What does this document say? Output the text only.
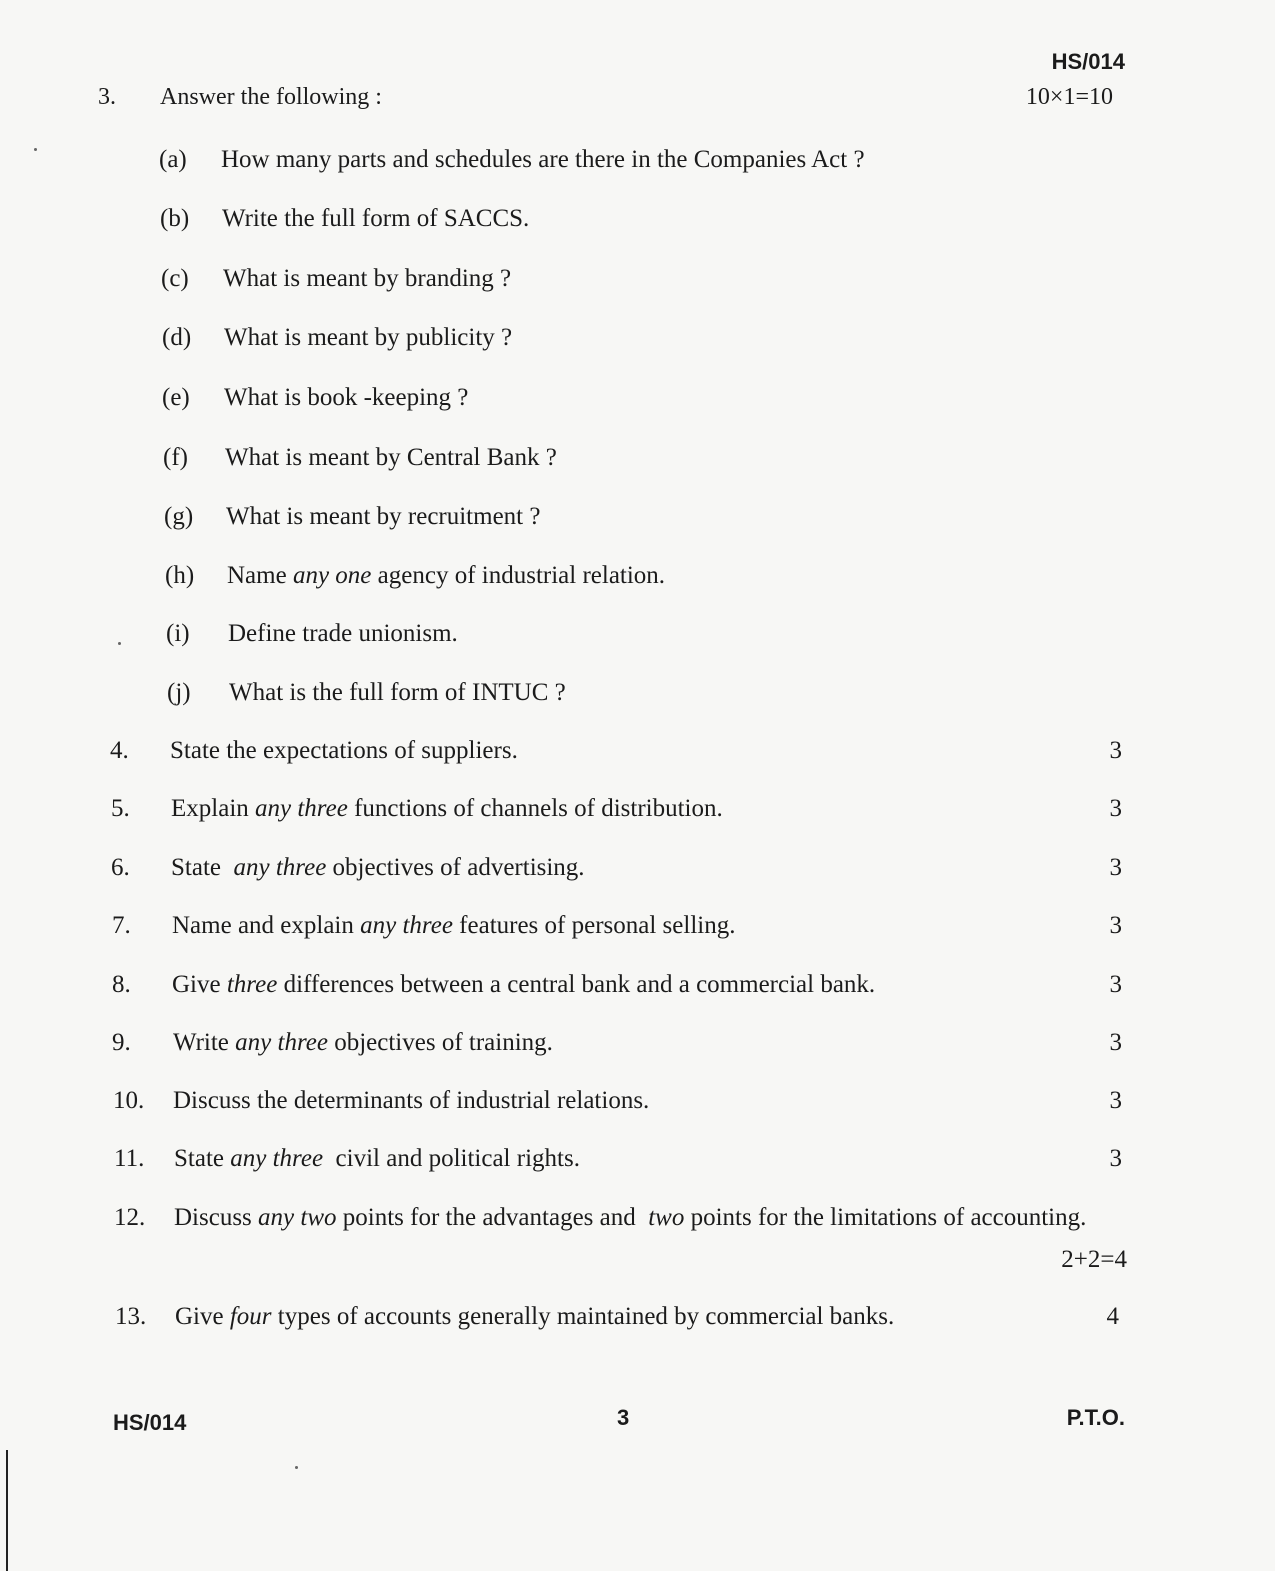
HS/014
3. Answer the following :	10×1=10
(a) How many parts and schedules are there in the Companies Act ?
(b) Write the full form of SACCS.
(c) What is meant by branding ?
(d) What is meant by publicity ?
(e) What is book -keeping ?
(f) What is meant by Central Bank ?
(g) What is meant by recruitment ?
(h) Name any one agency of industrial relation.
(i) Define trade unionism.
(j) What is the full form of INTUC ?
4. State the expectations of suppliers.	3
5. Explain any three functions of channels of distribution.	3
6. State  any three objectives of advertising.	3
7. Name and explain any three features of personal selling.	3
8. Give three differences between a central bank and a commercial bank.	3
9. Write any three objectives of training.	3
10. Discuss the determinants of industrial relations.	3
11. State any three  civil and political rights.	3
12. Discuss any two points for the advantages and  two points for the limitations of accounting.
2+2=4
13. Give four types of accounts generally maintained by commercial banks.	4
HS/014	3	P.T.O.
